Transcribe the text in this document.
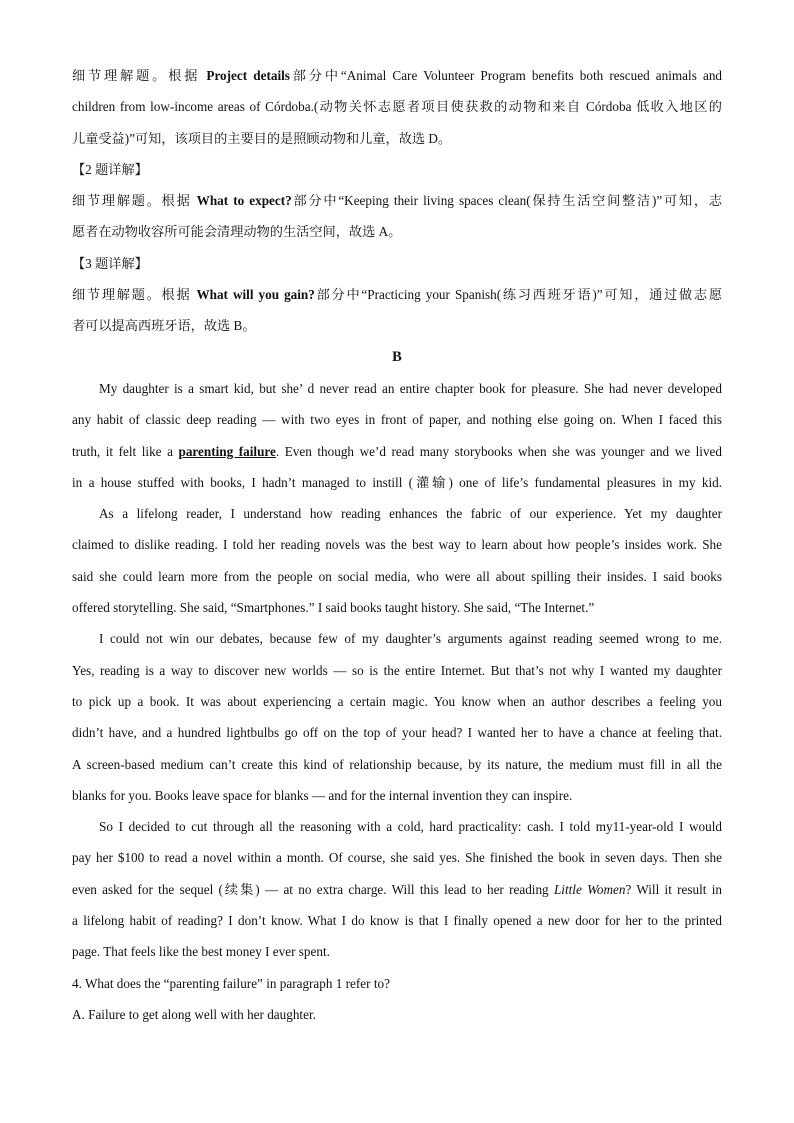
细节理解题。根据 Project details部分中“Animal Care Volunteer Program benefits both rescued animals and
children from low-income areas of Córdoba.(动物关怀志愿者项目使获救的动物和来自 Córdoba 低收入地区的
儿童受益)”可知，该项目的主要目的是照顾动物和儿童，故选 D。
【2 题详解】
细节理解题。根据 What to expect?部分中“Keeping their living spaces clean(保持生活空间整洁)”可知，志
愿者在动物收容所可能会清理动物的生活空间，故选 A。
【3 题详解】
细节理解题。根据 What will you gain?部分中“Practicing your Spanish(练习西班牙语)”可知，通过做志愿
者可以提高西班牙语，故选 B。
B
My daughter is a smart kid, but she’ d never read an entire chapter book for pleasure. She had never developed
any habit of classic deep reading — with two eyes in front of paper, and nothing else going on. When I faced this
truth, it felt like a parenting failure. Even though we’d read many storybooks when she was younger and we lived
in a house stuffed with books, I hadn’t managed to instill (灌输) one of life’s fundamental pleasures in my kid.
As a lifelong reader, I understand how reading enhances the fabric of our experience. Yet my daughter
claimed to dislike reading. I told her reading novels was the best way to learn about how people’s insides work. She
said she could learn more from the people on social media, who were all about spilling their insides. I said books
offered storytelling. She said, “Smartphones.” I said books taught history. She said, “The Internet.”
I could not win our debates, because few of my daughter’s arguments against reading seemed wrong to me.
Yes, reading is a way to discover new worlds — so is the entire Internet. But that’s not why I wanted my daughter
to pick up a book. It was about experiencing a certain magic. You know when an author describes a feeling you
didn’t have, and a hundred lightbulbs go off on the top of your head? I wanted her to have a chance at feeling that.
A screen-based medium can’t create this kind of relationship because, by its nature, the medium must fill in all the
blanks for you. Books leave space for blanks — and for the internal invention they can inspire.
So I decided to cut through all the reasoning with a cold, hard practicality: cash. I told my11-year-old I would
pay her $100 to read a novel within a month. Of course, she said yes. She finished the book in seven days. Then she
even asked for the sequel (续集) — at no extra charge. Will this lead to her reading Little Women? Will it result in
a lifelong habit of reading? I don’t know. What I do know is that I finally opened a new door for her to the printed
page. That feels like the best money I ever spent.
4. What does the “parenting failure” in paragraph 1 refer to?
A. Failure to get along well with her daughter.
